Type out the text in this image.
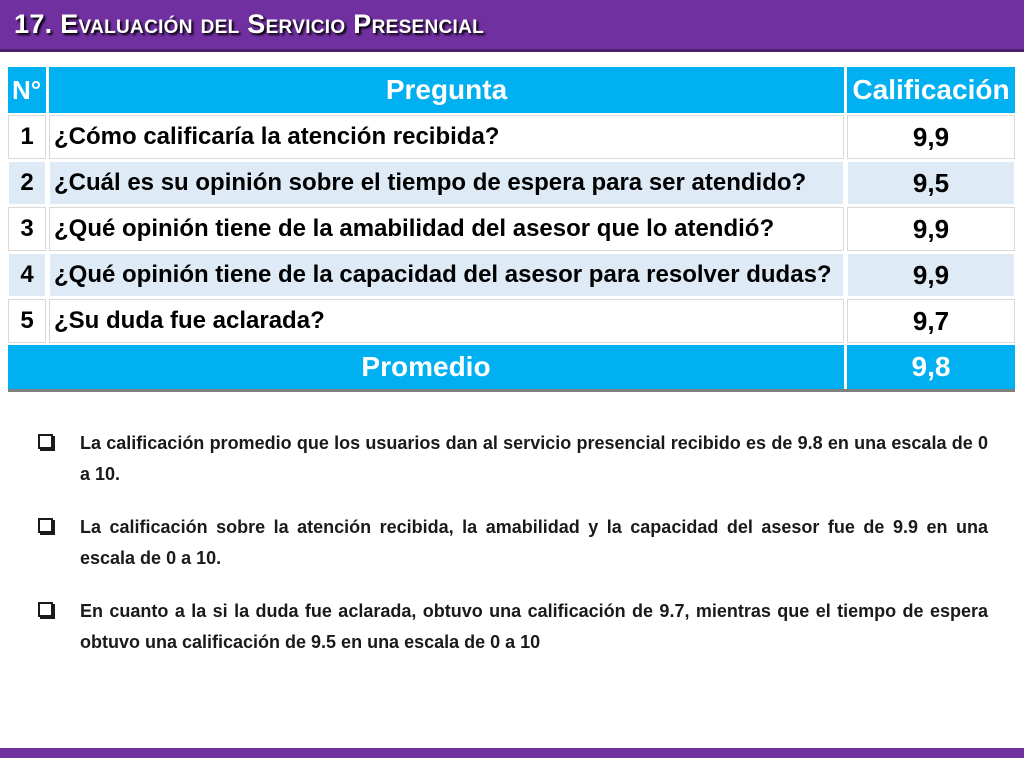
17. Evaluación del Servicio Presencial
N°	Pregunta	Calificación
1 ¿Cómo calificaría la atención recibida?	9,9
2 ¿Cuál es su opinión sobre el tiempo de espera para ser atendido?	9,5
3 ¿Qué opinión tiene de la amabilidad del asesor que lo atendió?	9,9
4 ¿Qué opinión tiene de la capacidad del asesor para resolver dudas?	9,9
5 ¿Su duda fue aclarada?	9,7
Promedio	9,8
La calificación promedio que los usuarios dan al servicio presencial recibido es de 9.8 en una escala de 0 a 10.
La calificación sobre la atención recibida, la amabilidad y la capacidad del asesor fue de 9.9 en una escala de 0 a 10.
En cuanto a la si la duda fue aclarada, obtuvo una calificación de 9.7, mientras que el tiempo de espera obtuvo una calificación de 9.5 en una escala de 0 a 10
